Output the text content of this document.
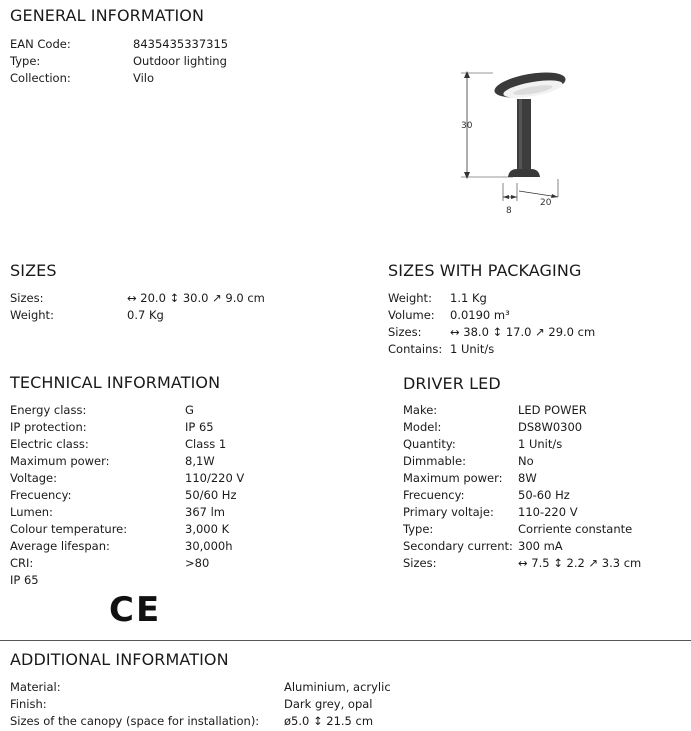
GENERAL INFORMATION
EAN Code:	8435435337315
Type:	Outdoor lighting
Collection:	Vilo
30
8
20
SIZES
Sizes:	↔ 20.0 ↕ 30.0 ↗ 9.0 cm
Weight:	0.7 Kg
SIZES WITH PACKAGING
Weight: 1.1 Kg
Volume: 0.0190 m³
Sizes: ↔ 38.0 ↕ 17.0 ↗ 29.0 cm
Contains: 1 Unit/s
TECHNICAL INFORMATION
Energy class:	G
IP protection:	IP 65
Electric class:	Class 1
Maximum power:	8,1W
Voltage:	110/220 V
Frecuency:	50/60 Hz
Lumen:	367 lm
Colour temperature:	3,000 K
Average lifespan:	30,000h
CRI:	>80
IP 65
CE
DRIVER LED
Make:	LED POWER
Model:	DS8W0300
Quantity:	1 Unit/s
Dimmable:	No
Maximum power: 8W
Frecuency:	50-60 Hz
Primary voltaje: 110-220 V
Type:	Corriente constante
Secondary current: 300 mA
Sizes:	↔ 7.5 ↕ 2.2 ↗ 3.3 cm
ADDITIONAL INFORMATION
Material:	Aluminium, acrylic
Finish:	Dark grey, opal
Sizes of the canopy (space for installation): ø5.0 ↕ 21.5 cm
